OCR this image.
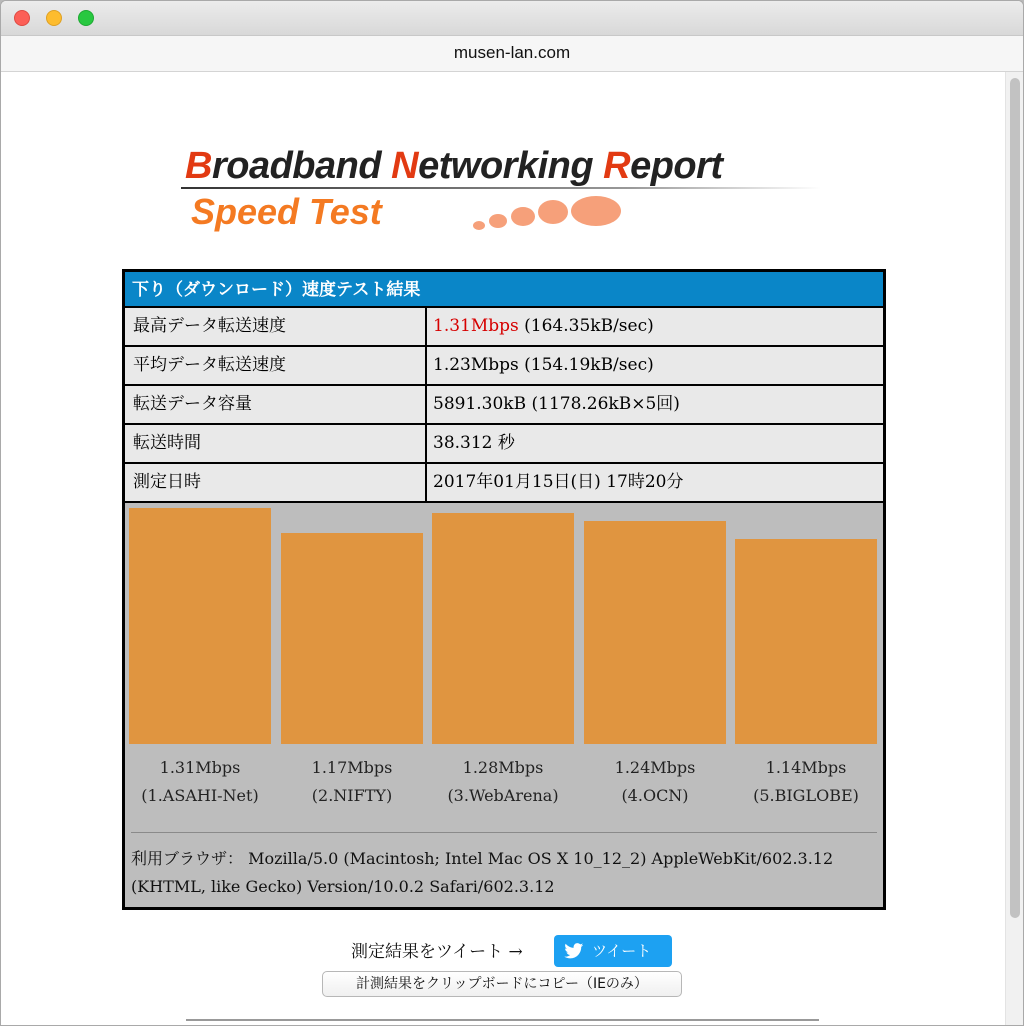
musen-lan.com
Broadband Networking Report
Speed Test
下り（ダウンロード）速度テスト結果
最高データ転送速度	1.31Mbps (164.35kB/sec)
平均データ転送速度	1.23Mbps (154.19kB/sec)
転送データ容量	5891.30kB (1178.26kB×5回)
転送時間	38.312 秒
測定日時	2017年01月15日(日) 17時20分
1.31Mbps
(1.ASAHI-Net)
1.17Mbps
(2.NIFTY)
1.28Mbps
(3.WebArena)
1.24Mbps
(4.OCN)
1.14Mbps
(5.BIGLOBE)
利用ブラウザ： Mozilla/5.0 (Macintosh; Intel Mac OS X 10_12_2) AppleWebKit/602.3.12 (KHTML, like Gecko) Version/10.0.2 Safari/602.3.12
測定結果をツイート →	ツイート
計測結果をクリップボードにコピー（IEのみ）
